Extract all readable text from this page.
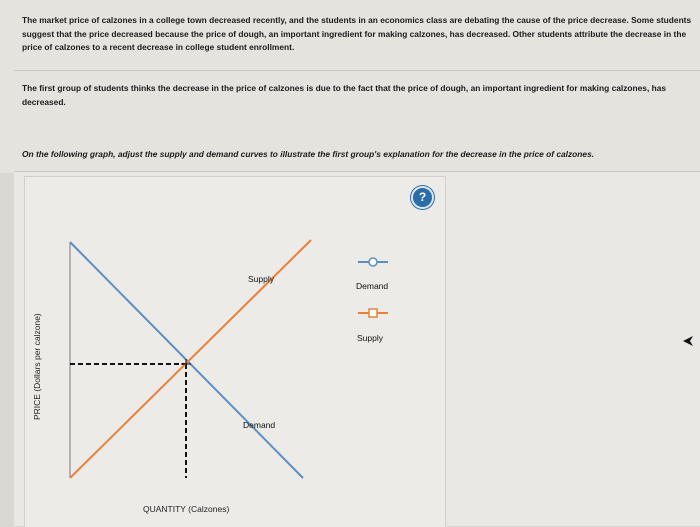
The market price of calzones in a college town decreased recently, and the students in an economics class are debating the cause of the price decrease. Some students suggest that the price decreased because the price of dough, an important ingredient for making calzones, has decreased. Other students attribute the decrease in the price of calzones to a recent decrease in college student enrollment.

The first group of students thinks the decrease in the price of calzones is due to the fact that the price of dough, an important ingredient for making calzones, has decreased.

On the following graph, adjust the supply and demand curves to illustrate the first group's explanation for the decrease in the price of calzones.

?
Supply
Demand
PRICE (Dollars per calzone)
QUANTITY (Calzones)
Demand
Supply
